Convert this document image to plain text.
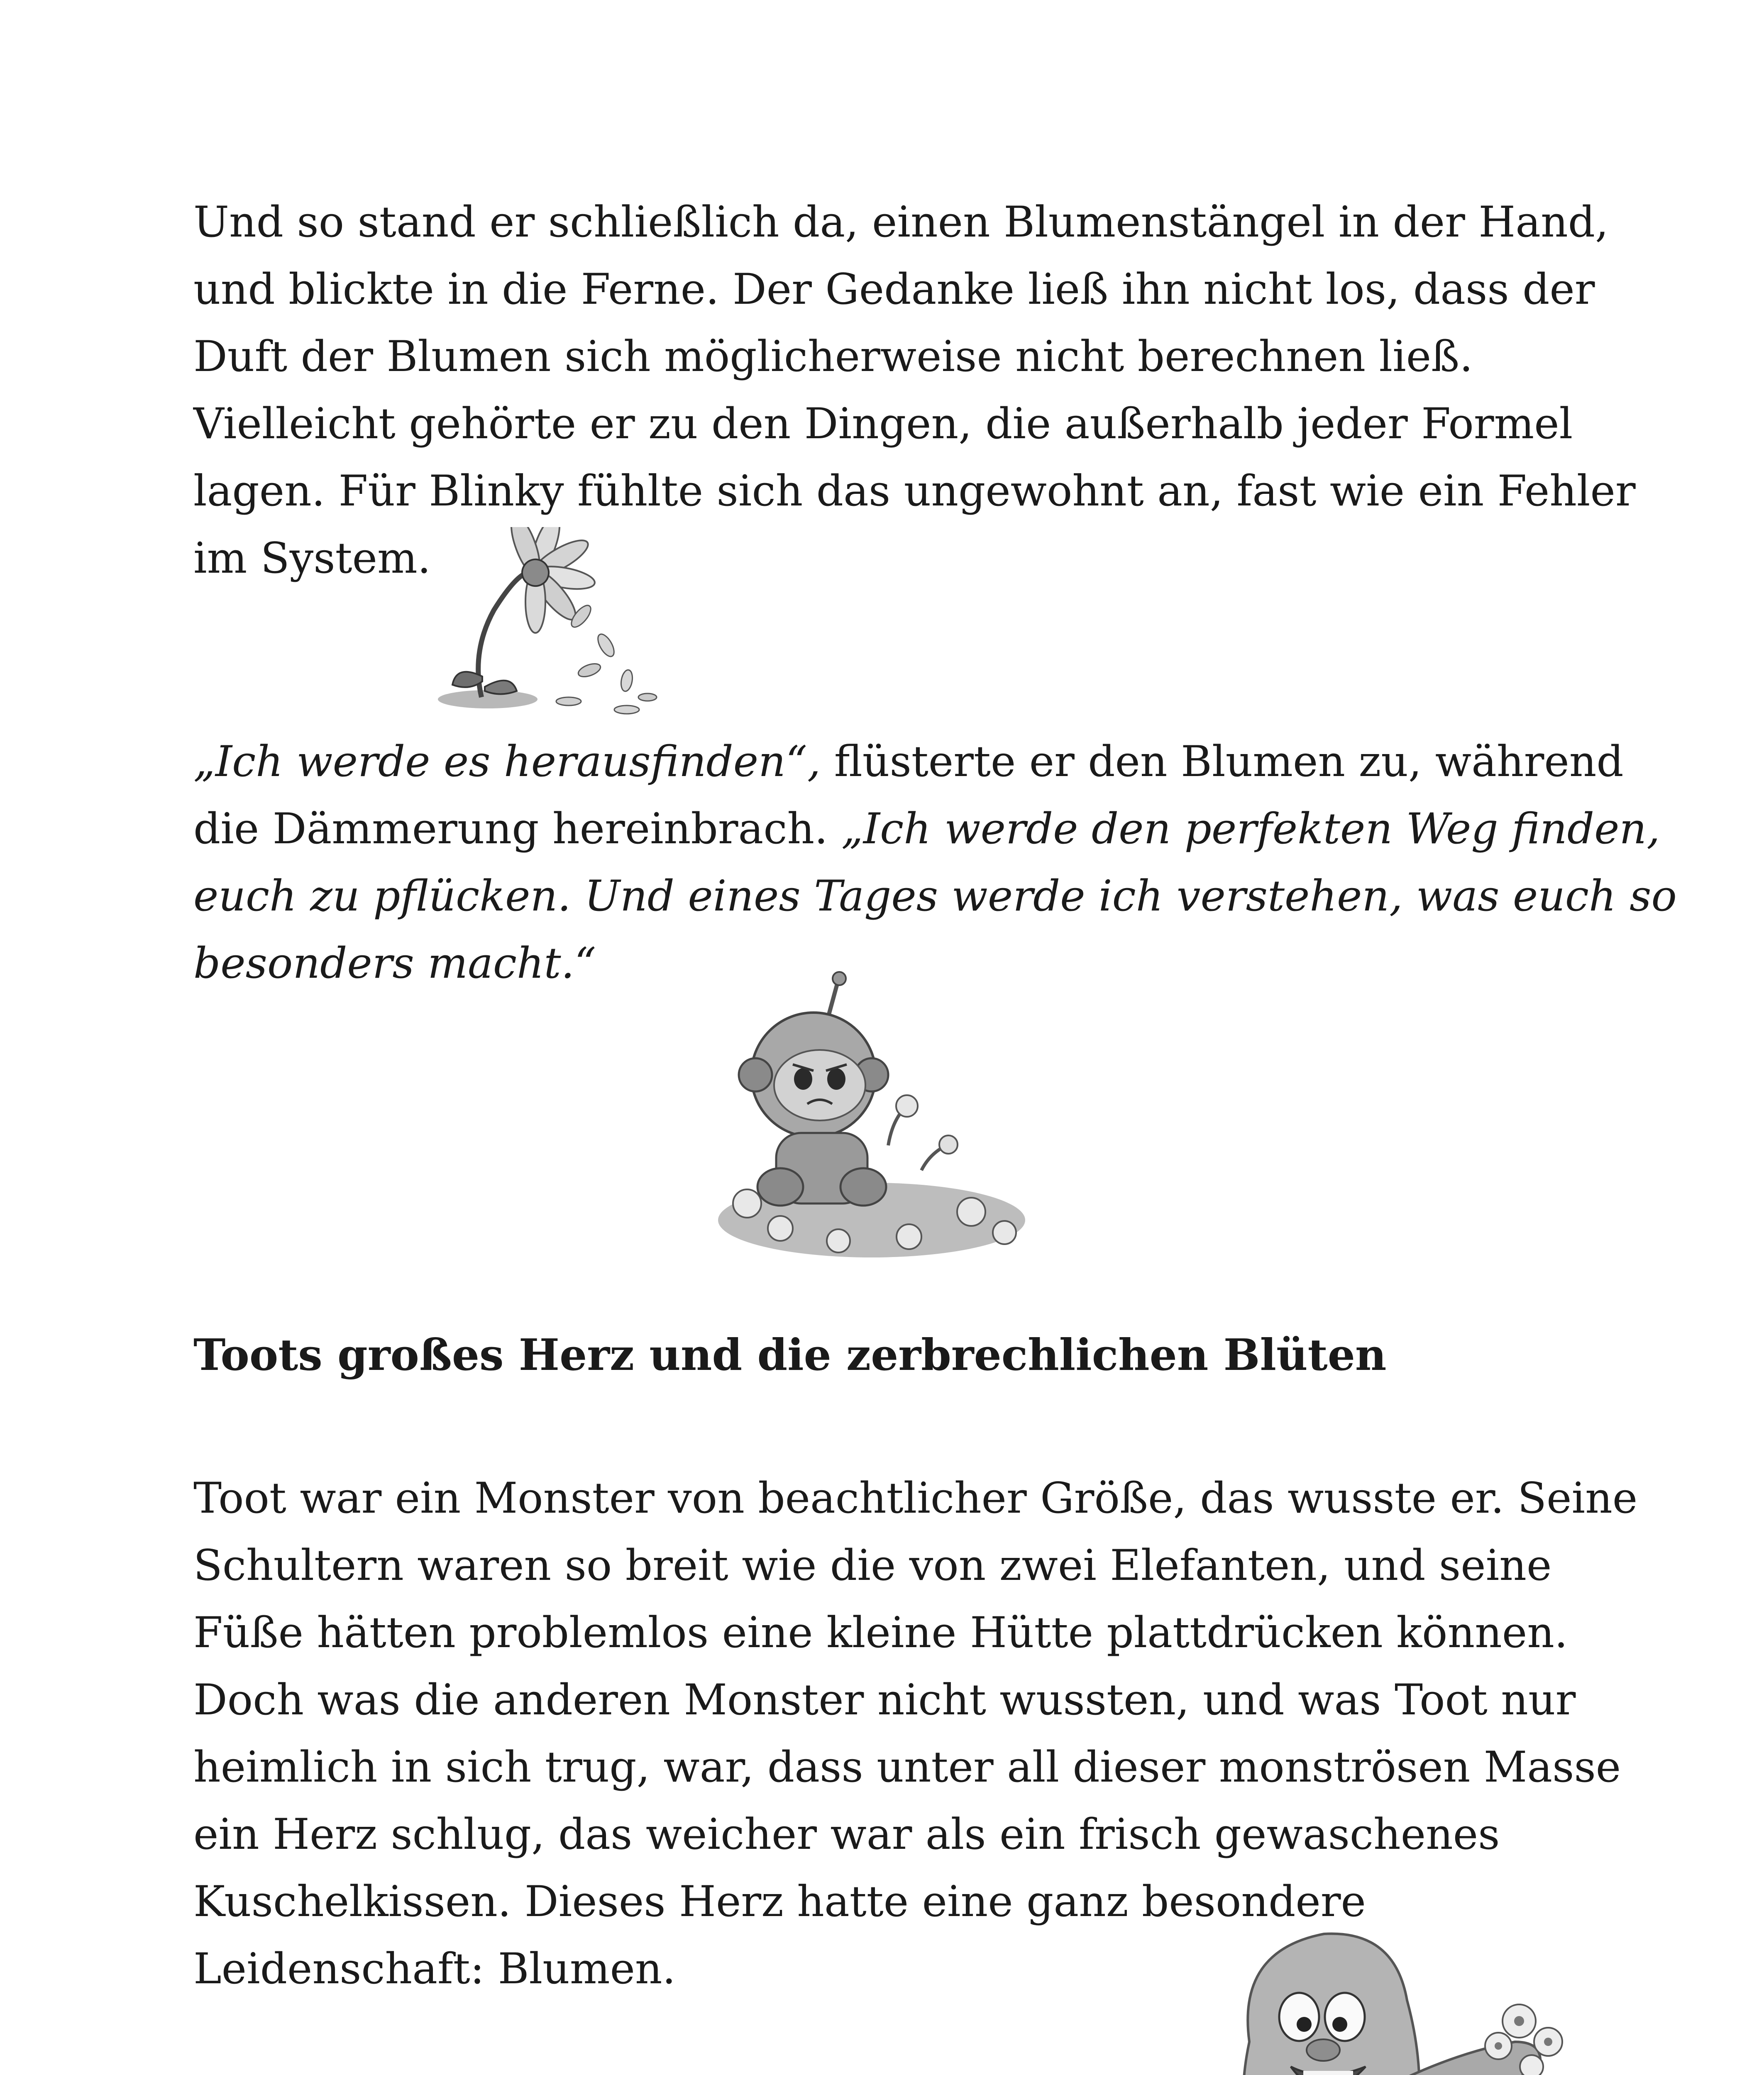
Und so stand er schließlich da, einen Blumenstängel in der Hand,
und blickte in die Ferne. Der Gedanke ließ ihn nicht los, dass der
Duft der Blumen sich möglicherweise nicht berechnen ließ.
Vielleicht gehörte er zu den Dingen, die außerhalb jeder Formel
lagen. Für Blinky fühlte sich das ungewohnt an, fast wie ein Fehler
im System.
„Ich werde es herausfinden“, flüsterte er den Blumen zu, während
die Dämmerung hereinbrach. „Ich werde den perfekten Weg finden,
euch zu pflücken. Und eines Tages werde ich verstehen, was euch so
besonders macht.“
Toots großes Herz und die zerbrechlichen Blüten
Toot war ein Monster von beachtlicher Größe, das wusste er. Seine
Schultern waren so breit wie die von zwei Elefanten, und seine
Füße hätten problemlos eine kleine Hütte plattdrücken können.
Doch was die anderen Monster nicht wussten, und was Toot nur
heimlich in sich trug, war, dass unter all dieser monströsen Masse
ein Herz schlug, das weicher war als ein frisch gewaschenes
Kuschelkissen. Dieses Herz hatte eine ganz besondere
Leidenschaft: Blumen.
